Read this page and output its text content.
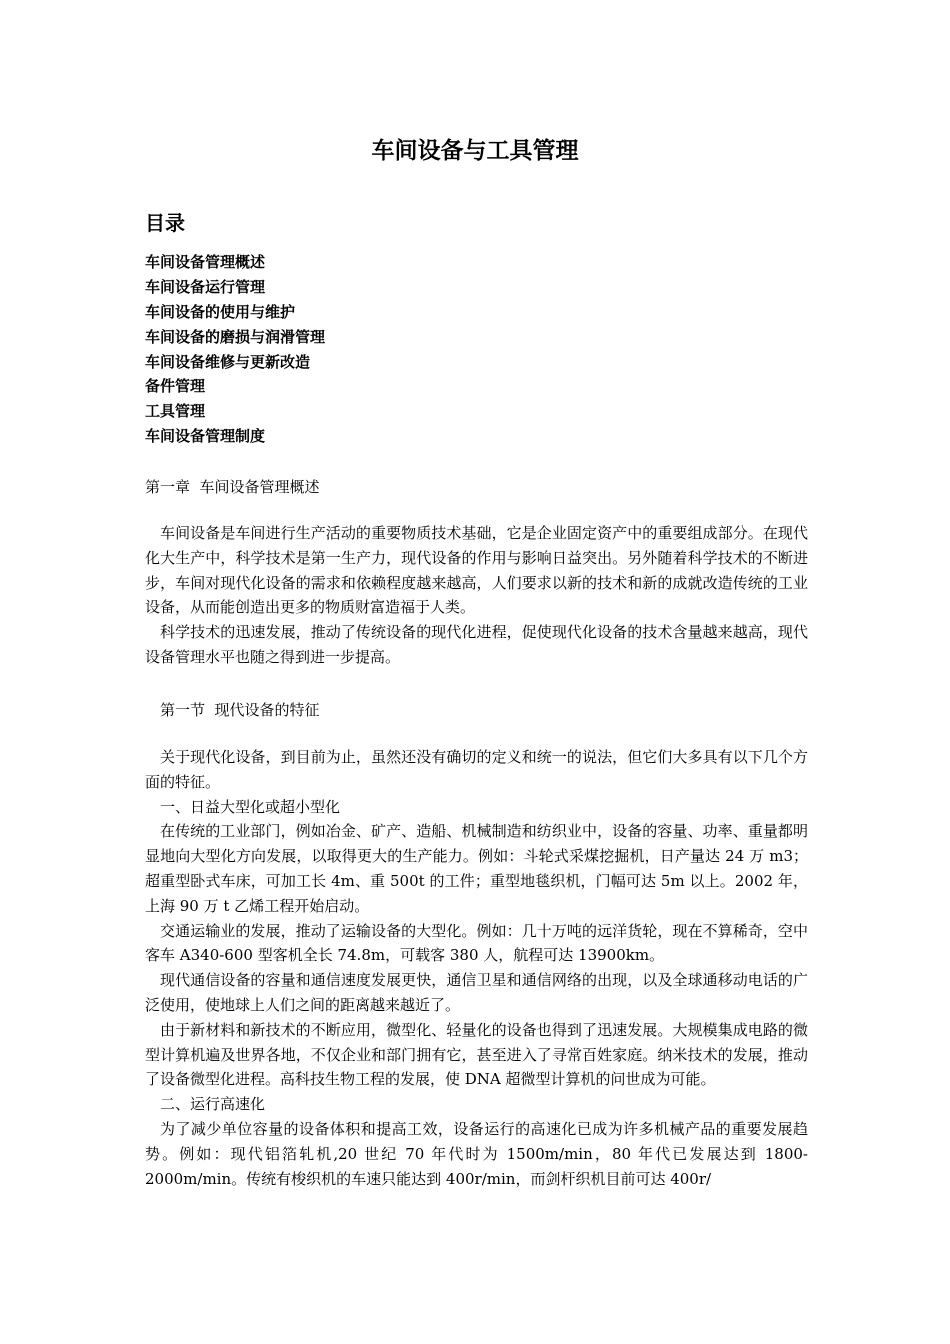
车间设备与工具管理
目录
车间设备管理概述
车间设备运行管理
车间设备的使用与维护
车间设备的磨损与润滑管理
车间设备维修与更新改造
备件管理
工具管理
车间设备管理制度
第一章  车间设备管理概述

车间设备是车间进行生产活动的重要物质技术基础，它是企业固定资产中的重要组成部分。在现代化大生产中，科学技术是第一生产力，现代设备的作用与影响日益突出。另外随着科学技术的不断进步，车间对现代化设备的需求和依赖程度越来越高，人们要求以新的技术和新的成就改造传统的工业设备，从而能创造出更多的物质财富造福于人类。

科学技术的迅速发展，推动了传统设备的现代化进程，促使现代化设备的技术含量越来越高，现代设备管理水平也随之得到进一步提高。

第一节  现代设备的特征

关于现代化设备，到目前为止，虽然还没有确切的定义和统一的说法，但它们大多具有以下几个方面的特征。

一、日益大型化或超小型化

在传统的工业部门，例如冶金、矿产、造船、机械制造和纺织业中，设备的容量、功率、重量都明显地向大型化方向发展，以取得更大的生产能力。例如：斗轮式采煤挖掘机，日产量达 24 万 m3；超重型卧式车床，可加工长 4m、重 500t 的工件；重型地毯织机，门幅可达 5m 以上。2002 年，上海 90 万 t 乙烯工程开始启动。

交通运输业的发展，推动了运输设备的大型化。例如：几十万吨的远洋货轮，现在不算稀奇，空中客车 A340-600 型客机全长 74.8m，可载客 380 人，航程可达 13900km。

现代通信设备的容量和通信速度发展更快，通信卫星和通信网络的出现，以及全球通移动电话的广泛使用，使地球上人们之间的距离越来越近了。

由于新材料和新技术的不断应用，微型化、轻量化的设备也得到了迅速发展。大规模集成电路的微型计算机遍及世界各地，不仅企业和部门拥有它，甚至进入了寻常百姓家庭。纳米技术的发展，推动了设备微型化进程。高科技生物工程的发展，使 DNA 超微型计算机的问世成为可能。

二、运行高速化

为了减少单位容量的设备体积和提高工效，设备运行的高速化已成为许多机械产品的重要发展趋势。例如：现代铝箔轧机,20 世纪 70 年代时为 1500m/min，80 年代已发展达到 1800-2000m/min。传统有梭织机的车速只能达到 400r/min，而剑杆织机目前可达 400r/
